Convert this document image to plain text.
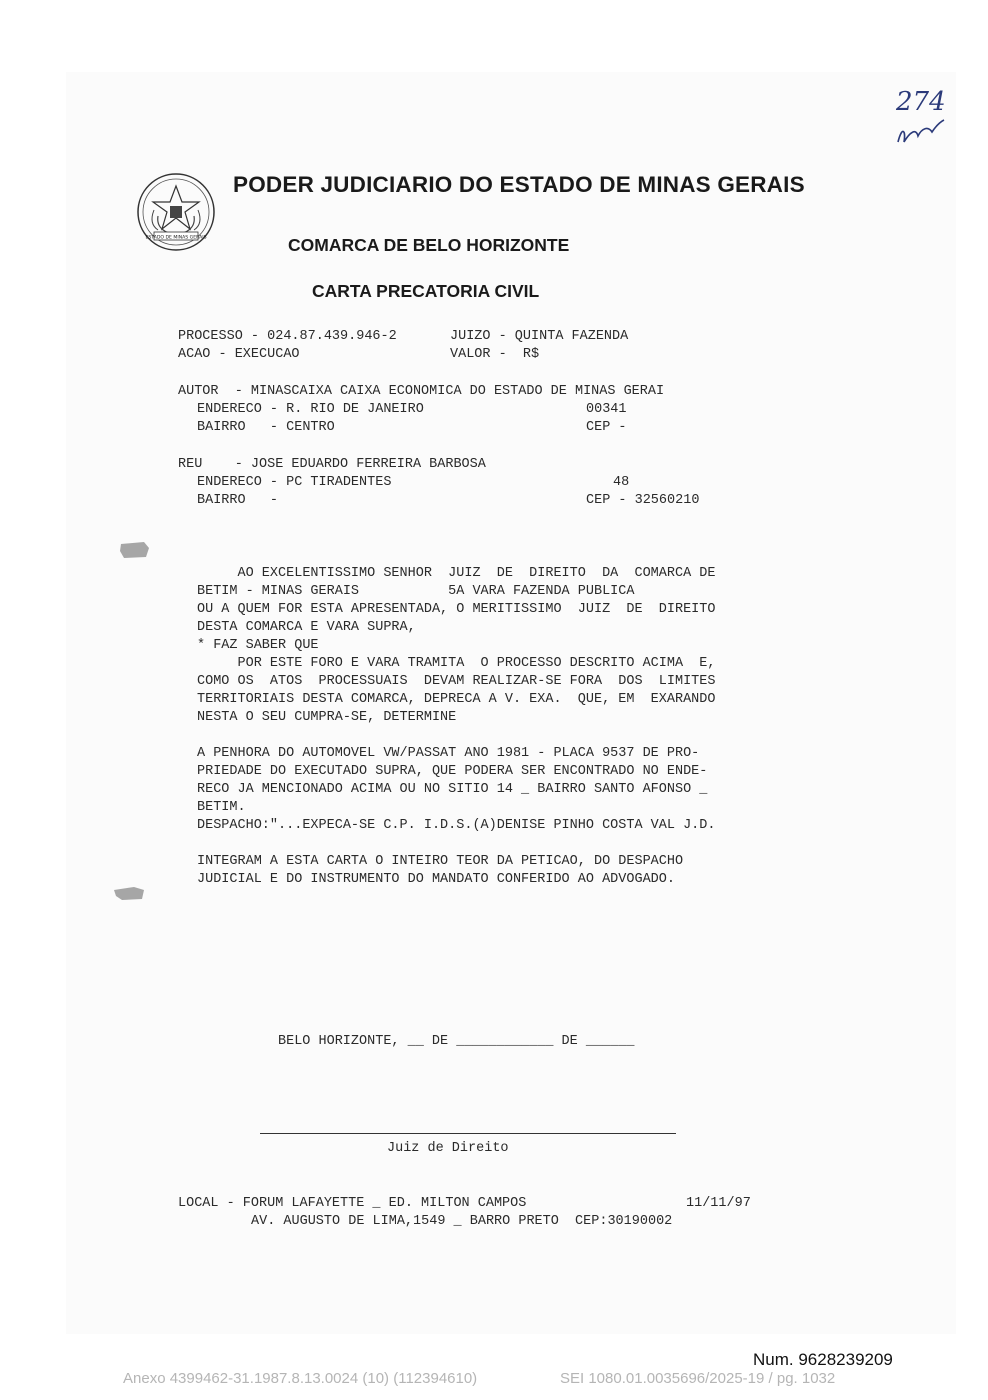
274
ESTADO DE MINAS GERAIS
PODER JUDICIARIO DO ESTADO DE MINAS GERAIS
COMARCA DE BELO HORIZONTE
CARTA PRECATORIA CIVIL
PROCESSO - 024.87.439.946-2	JUIZO - QUINTA FAZENDA
ACAO - EXECUCAO	VALOR -  R$
AUTOR  - MINASCAIXA CAIXA ECONOMICA DO ESTADO DE MINAS GERAI
ENDERECO - R. RIO DE JANEIRO	00341
BAIRRO   - CENTRO	CEP -
REU    - JOSE EDUARDO FERREIRA BARBOSA
ENDERECO - PC TIRADENTES	48
BAIRRO   -	CEP - 32560210
AO EXCELENTISSIMO SENHOR  JUIZ  DE  DIREITO  DA  COMARCA DE
BETIM - MINAS GERAIS           5A VARA FAZENDA PUBLICA
OU A QUEM FOR ESTA APRESENTADA, O MERITISSIMO  JUIZ  DE  DIREITO
DESTA COMARCA E VARA SUPRA,
* FAZ SABER QUE
POR ESTE FORO E VARA TRAMITA  O PROCESSO DESCRITO ACIMA  E,
COMO OS  ATOS  PROCESSUAIS  DEVAM REALIZAR-SE FORA  DOS  LIMITES
TERRITORIAIS DESTA COMARCA, DEPRECA A V. EXA.  QUE, EM  EXARANDO
NESTA O SEU CUMPRA-SE, DETERMINE
A PENHORA DO AUTOMOVEL VW/PASSAT ANO 1981 - PLACA 9537 DE PRO-
PRIEDADE DO EXECUTADO SUPRA, QUE PODERA SER ENCONTRADO NO ENDE-
RECO JA MENCIONADO ACIMA OU NO SITIO 14 _ BAIRRO SANTO AFONSO _
BETIM.
DESPACHO:"...EXPECA-SE C.P. I.D.S.(A)DENISE PINHO COSTA VAL J.D.
INTEGRAM A ESTA CARTA O INTEIRO TEOR DA PETICAO, DO DESPACHO
JUDICIAL E DO INSTRUMENTO DO MANDATO CONFERIDO AO ADVOGADO.
BELO HORIZONTE, __ DE ____________ DE ______
Juiz de Direito
LOCAL - FORUM LAFAYETTE _ ED. MILTON CAMPOS	11/11/97
AV. AUGUSTO DE LIMA,1549 _ BARRO PRETO  CEP:30190002
Num. 9628239209
Anexo 4399462-31.1987.8.13.0024 (10) (112394610)	SEI 1080.01.0035696/2025-19 / pg. 1032
